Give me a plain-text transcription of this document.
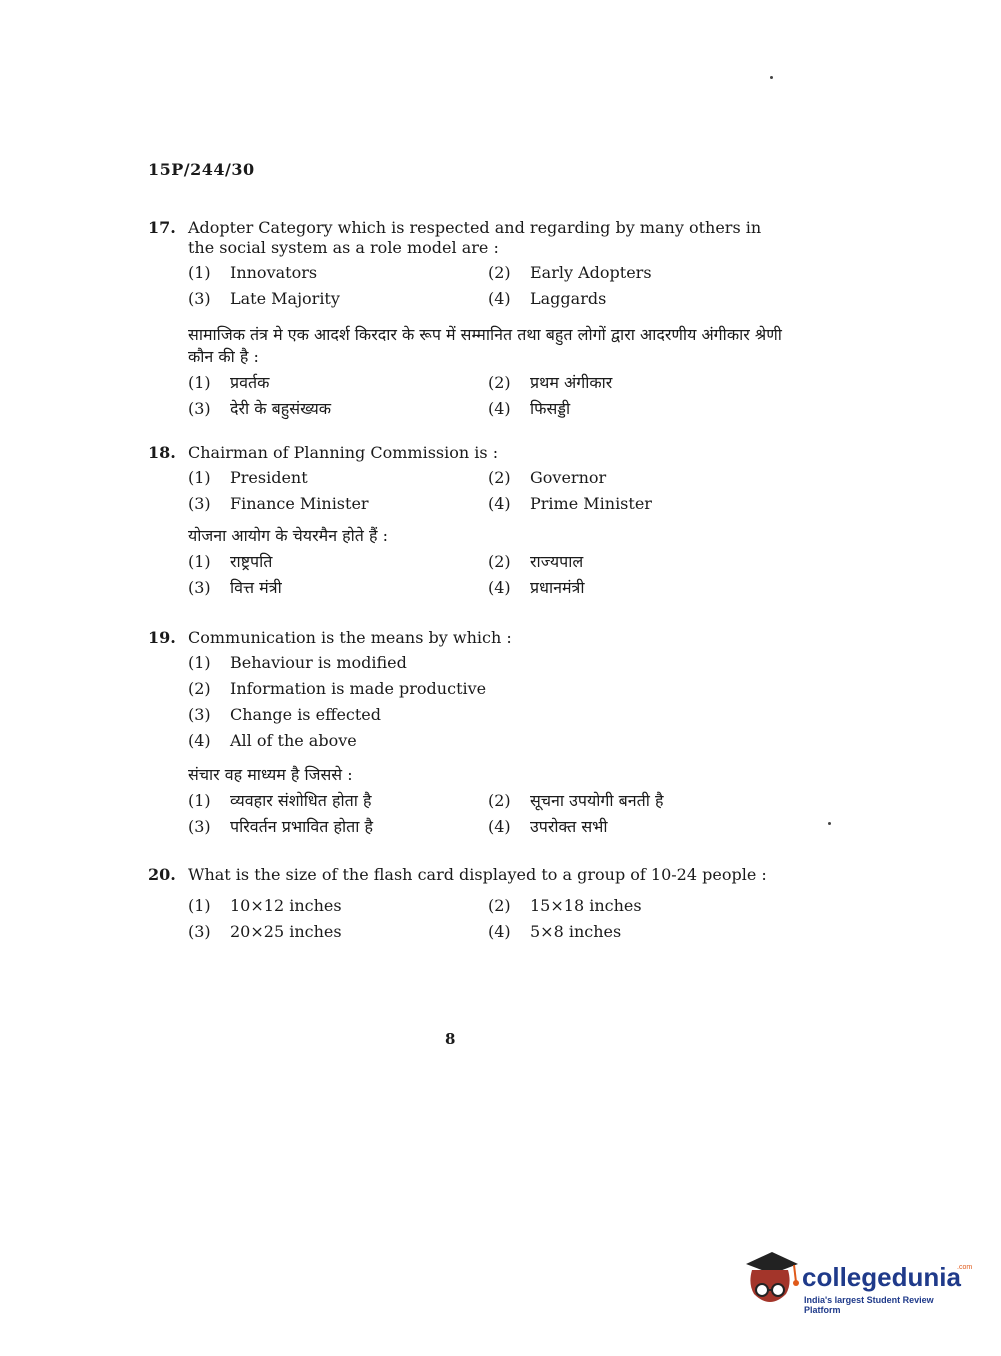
15P/244/30
17. Adopter Category which is respected and regarding by many others in the social system as a role model are :
(1)	Innovators	(2)	Early Adopters
(3)	Late Majority	(4)	Laggards
सामाजिक तंत्र मे एक आदर्श किरदार के रूप में सम्मानित तथा बहुत लोगों द्वारा आदरणीय अंगीकार श्रेणी कौन की है :
(1)	प्रवर्तक	(2)	प्रथम अंगीकार
(3)	देरी के बहुसंख्यक	(4)	फिसड्डी
18. Chairman of Planning Commission is :
(1)	President	(2)	Governor
(3)	Finance Minister	(4)	Prime Minister
योजना आयोग के चेयरमैन होते हैं :
(1)	राष्ट्रपति	(2)	राज्यपाल
(3)	वित्त मंत्री	(4)	प्रधानमंत्री
19. Communication is the means by which :
(1)	Behaviour is modified
(2)	Information is made productive
(3)	Change is effected
(4)	All of the above
संचार वह माध्यम है जिससे :
(1)	व्यवहार संशोधित होता है	(2)	सूचना उपयोगी बनती है
(3)	परिवर्तन प्रभावित होता है	(4)	उपरोक्त सभी
20. What is the size of the flash card displayed to a group of 10-24 people :
(1)	10×12 inches	(2)	15×18 inches
(3)	20×25 inches	(4)	5×8 inches
8
collegedunia
.com
India's largest Student Review Platform
